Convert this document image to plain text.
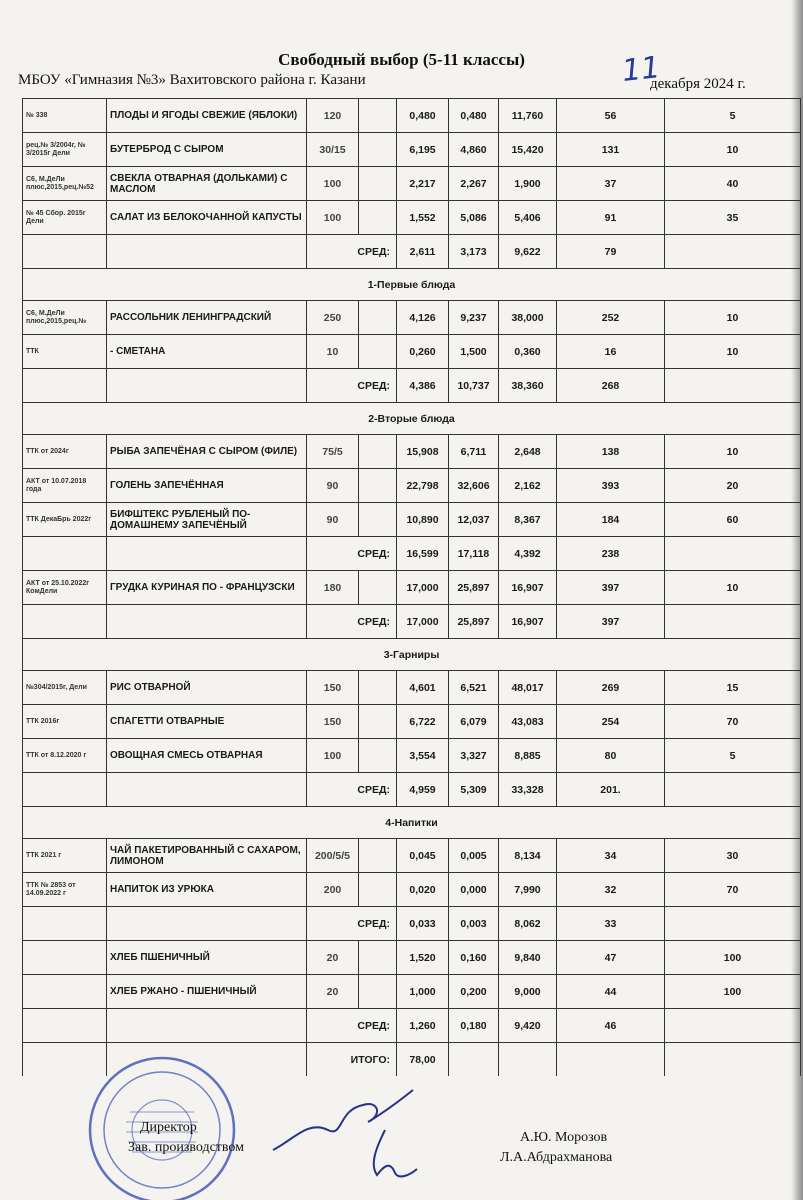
Свободный выбор (5-11 классы)
МБОУ «Гимназия №3» Вахитовского района г. Казани	11
декабря 2024 г.
№ 338	ПЛОДЫ И ЯГОДЫ СВЕЖИЕ (ЯБЛОКИ)	120		0,480	0,480	11,760	56	5
рец.№ 3/2004г, № 3/2015г Дели	БУТЕРБРОД С СЫРОМ	30/15		6,195	4,860	15,420	131	10
С6, М.ДеЛи плюс,2015,рец.№52	СВЕКЛА ОТВАРНАЯ (ДОЛЬКАМИ) С МАСЛОМ	100		2,217	2,267	1,900	37	40
№ 45 Сбор. 2015г Дели	САЛАТ ИЗ БЕЛОКОЧАННОЙ КАПУСТЫ	100		1,552	5,086	5,406	91	35
		СРЕД:		2,611	3,173	9,622	79	
1-Первые блюда								
С6, М.ДеЛи плюс,2015,рец.№	РАССОЛЬНИК ЛЕНИНГРАДСКИЙ	250		4,126	9,237	38,000	252	10
ТТК	- СМЕТАНА	10		0,260	1,500	0,360	16	10
		СРЕД:		4,386	10,737	38,360	268	
2-Вторые блюда								
ТТК от 2024г	РЫБА ЗАПЕЧЁНАЯ С СЫРОМ (ФИЛЕ)	75/5		15,908	6,711	2,648	138	10
АКТ от 10.07.2018 года	ГОЛЕНЬ ЗАПЕЧЁННАЯ	90		22,798	32,606	2,162	393	20
ТТК ДекаБрь 2022г	БИФШТЕКС РУБЛЕНЫЙ ПО-ДОМАШНЕМУ ЗАПЕЧЁНЫЙ	90		10,890	12,037	8,367	184	60
		СРЕД:		16,599	17,118	4,392	238	
АКТ от 25.10.2022г КомДели	ГРУДКА КУРИНАЯ ПО - ФРАНЦУЗСКИ	180		17,000	25,897	16,907	397	10
		СРЕД:		17,000	25,897	16,907	397	
3-Гарниры								
№304/2015г, Дели	РИС ОТВАРНОЙ	150		4,601	6,521	48,017	269	15
ТТК 2016г	СПАГЕТТИ ОТВАРНЫЕ	150		6,722	6,079	43,083	254	70
ТТК от 8.12.2020 г	ОВОЩНАЯ СМЕСЬ ОТВАРНАЯ	100		3,554	3,327	8,885	80	5
		СРЕД:		4,959	5,309	33,328	201.	
4-Напитки								
ТТК 2021 г	ЧАЙ ПАКЕТИРОВАННЫЙ С САХАРОМ, ЛИМОНОМ	200/5/5		0,045	0,005	8,134	34	30
ТТК № 2853 от 14.09.2022 г	НАПИТОК ИЗ УРЮКА	200		0,020	0,000	7,990	32	70
		СРЕД:		0,033	0,003	8,062	33	
	ХЛЕБ ПШЕНИЧНЫЙ	20		1,520	0,160	9,840	47	100
	ХЛЕБ РЖАНО - ПШЕНИЧНЫЙ	20		1,000	0,200	9,000	44	100
		СРЕД:		1,260	0,180	9,420	46	
		ИТОГО:		78,00				
Директор
Зав. производством
А.Ю. Морозов
Л.А.Абдрахманова
